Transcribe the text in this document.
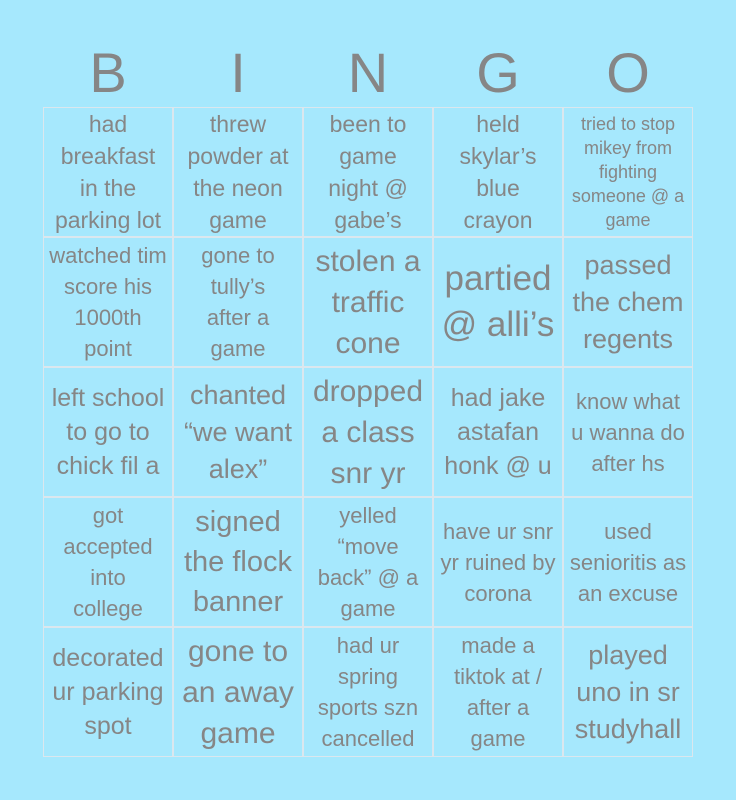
B	I	N	G	O
had breakfast in the parking lot
threw powder at the neon game
been to game night @ gabe’s
held skylar’s blue crayon
tried to stop mikey from fighting someone @ a game
watched tim score his 1000th point
gone to tully’s after a game
stolen a traffic cone
partied @ alli’s
passed the chem regents
left school to go to chick fil a
chanted “we want alex”
dropped a class snr yr
had jake astafan honk @ u
know what u wanna do after hs
got accepted into college
signed the flock banner
yelled “move back” @ a game
have ur snr yr ruined by corona
used senioritis as an excuse
decorated ur parking spot
gone to an away game
had ur spring sports szn cancelled
made a tiktok at / after a game
played uno in sr studyhall
